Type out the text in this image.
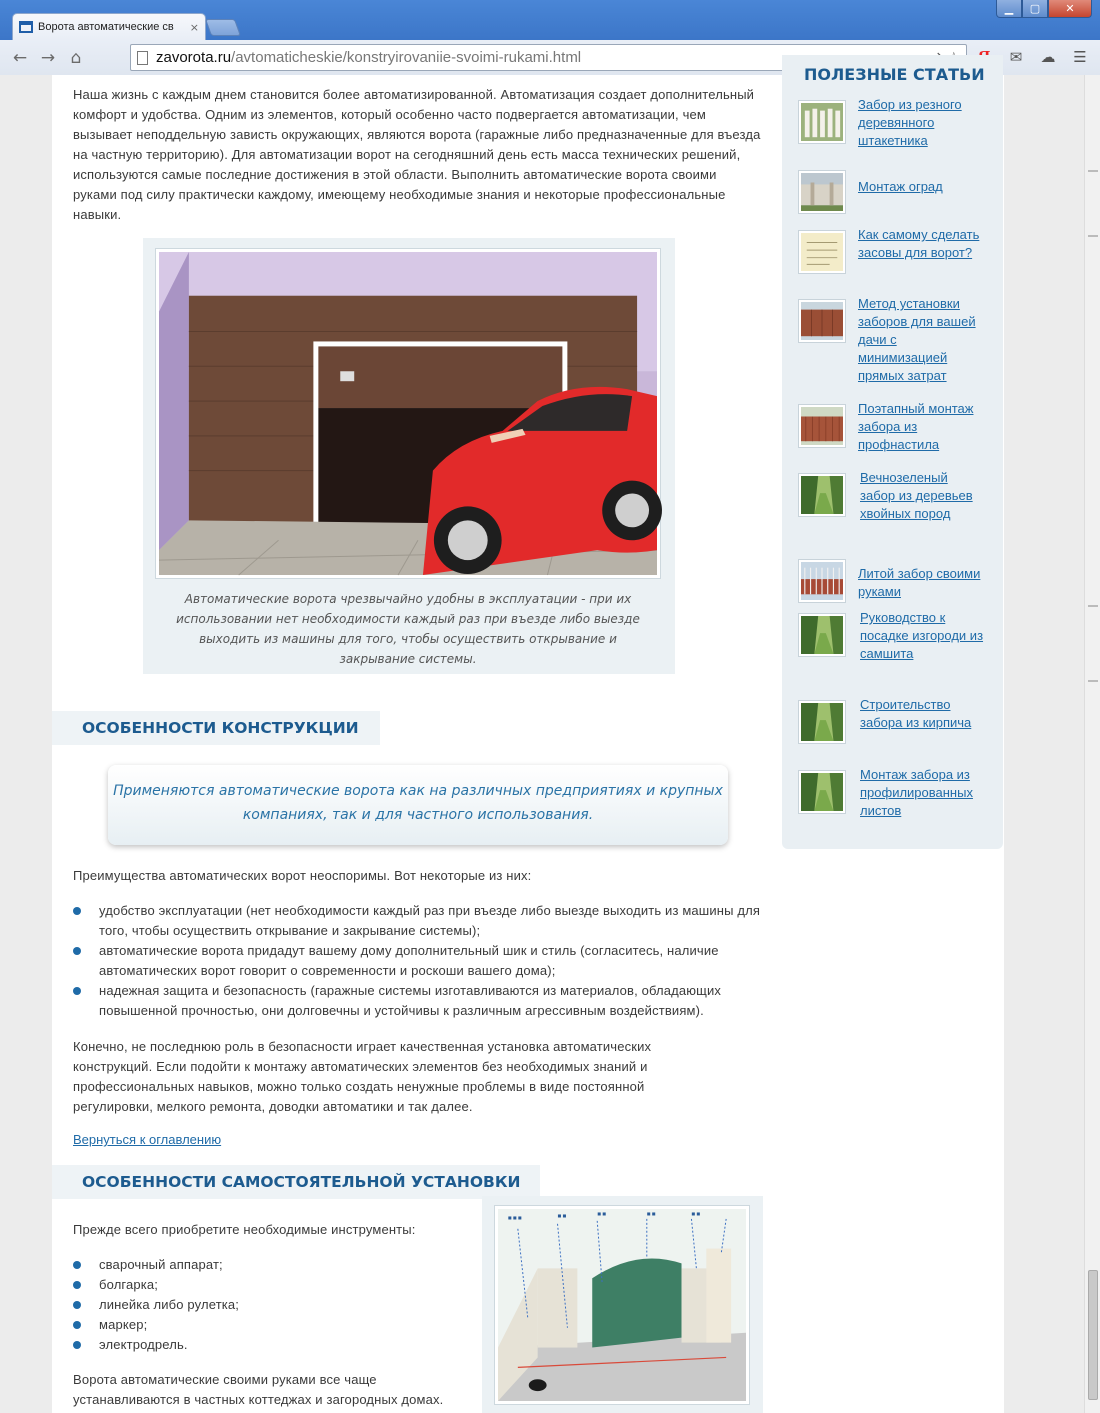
Ворота автоматические св	×
▁	▢	✕
← → ⌂	zavorota.ru/avtomaticheskie/konstryirovaniie-svoimi-rukami.html	✉	☁	☰

Наша жизнь с каждым днем становится более автоматизированной. Автоматизация создает дополнительный комфорт и удобства. Одним из элементов, который особенно часто подвергается автоматизации, чем вызывает неподдельную зависть окружающих, являются ворота (гаражные либо предназначенные для въезда на частную территорию). Для автоматизации ворот на сегодняшний день есть масса технических решений, используются самые последние достижения в этой области. Выполнить автоматические ворота своими руками под силу практически каждому, имеющему необходимые знания и некоторые профессиональные навыки.

Автоматические ворота чрезвычайно удобны в эксплуатации - при их использовании нет необходимости каждый раз при въезде либо выезде выходить из машины для того, чтобы осуществить открывание и закрывание системы.

ОСОБЕННОСТИ КОНСТРУКЦИИ
Применяются автоматические ворота как на различных предприятиях и крупных компаниях, так и для частного использования.

Преимущества автоматических ворот неоспоримы. Вот некоторые из них:

удобство эксплуатации (нет необходимости каждый раз при въезде либо выезде выходить из машины для того, чтобы осуществить открывание и закрывание системы);
автоматические ворота придадут вашему дому дополнительный шик и стиль (согласитесь, наличие автоматических ворот говорит о современности и роскоши вашего дома);
надежная защита и безопасность (гаражные системы изготавливаются из материалов, обладающих повышенной прочностью, они долговечны и устойчивы к различным агрессивным воздействиям).

Конечно, не последнюю роль в безопасности играет качественная установка автоматических конструкций. Если подойти к монтажу автоматических элементов без необходимых знаний и профессиональных навыков, можно только создать ненужные проблемы в виде постоянной регулировки, мелкого ремонта, доводки автоматики и так далее.

Вернуться к оглавлению
ОСОБЕННОСТИ САМОСТОЯТЕЛЬНОЙ УСТАНОВКИ

Прежде всего приобретите необходимые инструменты:

сварочный аппарат;
болгарка;
линейка либо рулетка;
маркер;
электродрель.

Ворота автоматические своими руками все чаще устанавливаются в частных коттеджах и загородных домах.

■ ■ ■	■ ■	■ ■	■ ■	■ ■
ПОЛЕЗНЫЕ СТАТЬИ
Забор из резного деревянного штакетника
Монтаж оград
Как самому сделать засовы для ворот?
Метод установки заборов для вашей дачи с минимизацией прямых затрат
Поэтапный монтаж забора из профнастила
Вечнозеленый забор из деревьев хвойных пород
Литой забор своими руками
Руководство к посадке изгороди из самшита
Строительство забора из кирпича
Монтаж забора из профилированных листов
